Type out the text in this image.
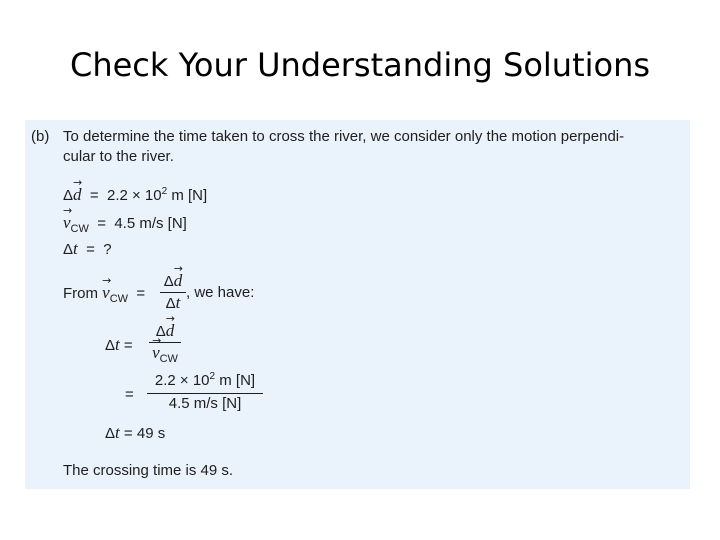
Check Your Understanding Solutions
(b) To determine the time taken to cross the river, we consider only the motion perpendi-
cular to the river.
$\Delta\to d = 2.2 \times 10^2$ m [N]
→ $v_{CW} = 4.5$ m/s [N]
Δt  =  ?
From → $v_{CW}$  =
Δ→ d
Δt
, we have:
Δt =
Δ→ d
→ $v_{CW}$
=
$2.2 \times 10^2$ m [N]
4.5 m/s [N]
Δt = 49 s
The crossing time is 49 s.
